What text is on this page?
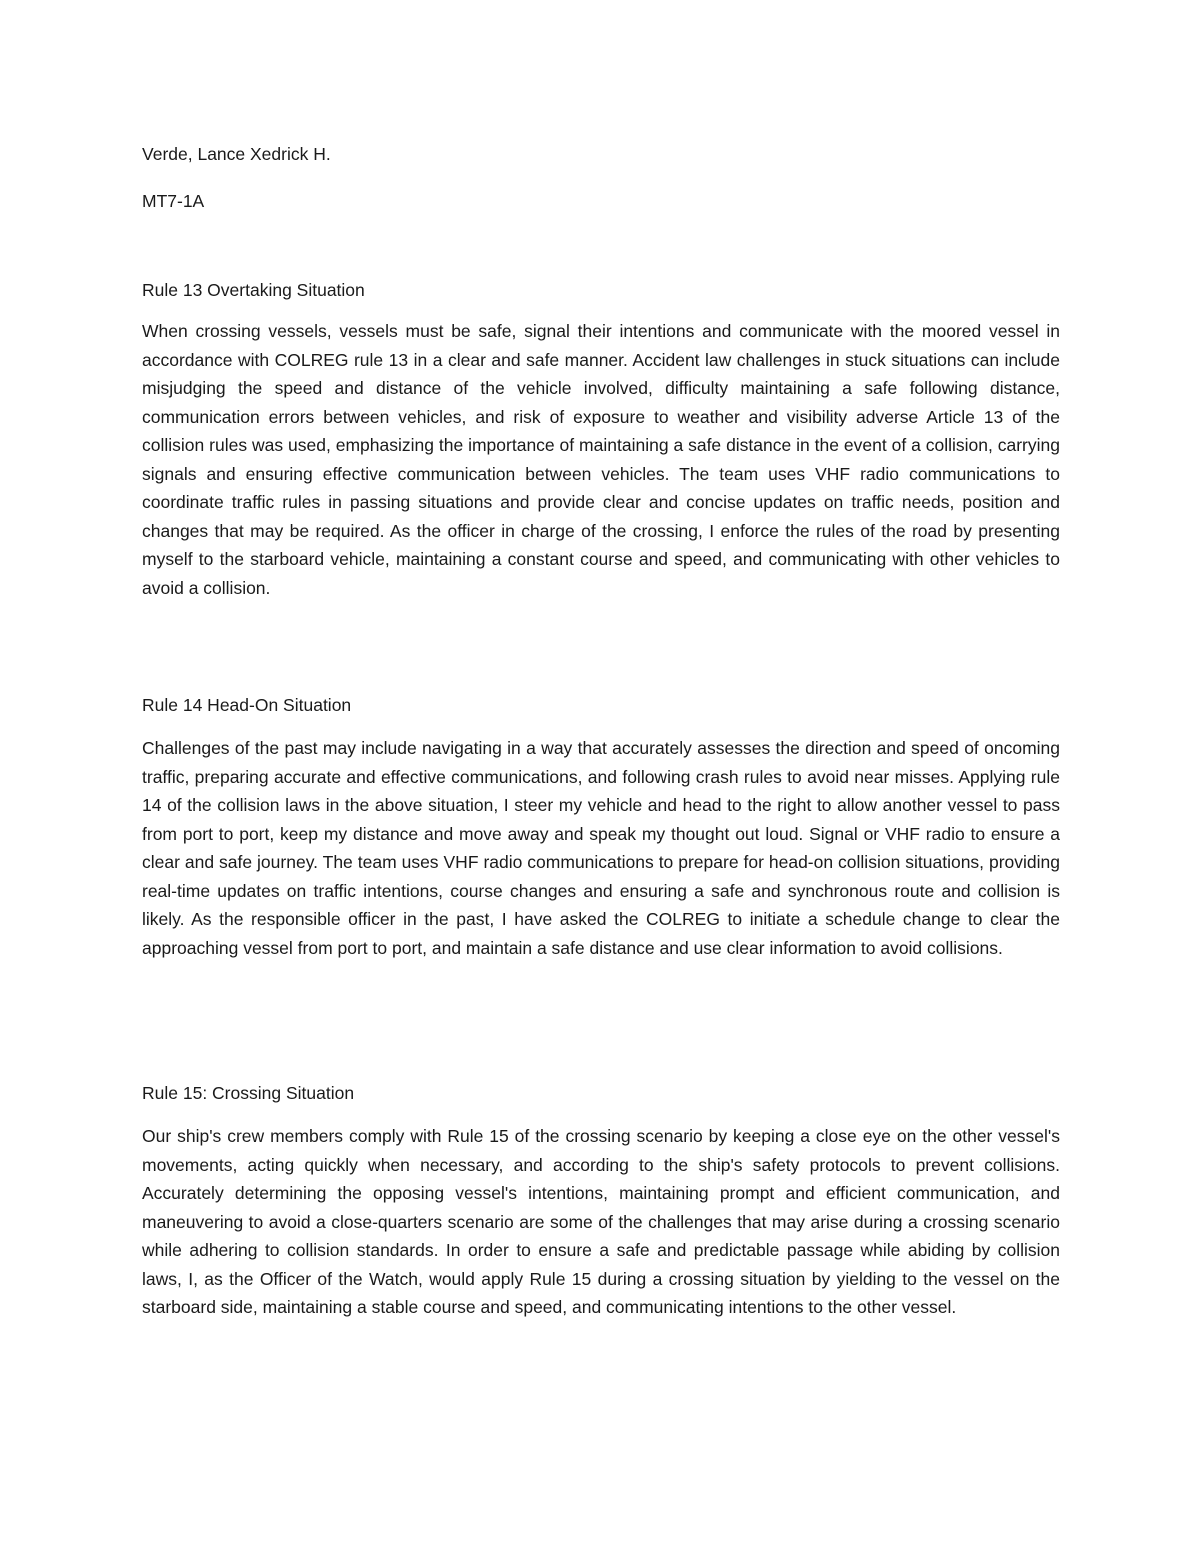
Verde, Lance Xedrick H.

MT7-1A

Rule 13 Overtaking Situation

When crossing vessels, vessels must be safe, signal their intentions and communicate with the moored vessel in accordance with COLREG rule 13 in a clear and safe manner. Accident law challenges in stuck situations can include misjudging the speed and distance of the vehicle involved, difficulty maintaining a safe following distance, communication errors between vehicles, and risk of exposure to weather and visibility adverse Article 13 of the collision rules was used, emphasizing the importance of maintaining a safe distance in the event of a collision, carrying signals and ensuring effective communication between vehicles. The team uses VHF radio communications to coordinate traffic rules in passing situations and provide clear and concise updates on traffic needs, position and changes that may be required. As the officer in charge of the crossing, I enforce the rules of the road by presenting myself to the starboard vehicle, maintaining a constant course and speed, and communicating with other vehicles to avoid a collision.

Rule 14 Head-On Situation

Challenges of the past may include navigating in a way that accurately assesses the direction and speed of oncoming traffic, preparing accurate and effective communications, and following crash rules to avoid near misses. Applying rule 14 of the collision laws in the above situation, I steer my vehicle and head to the right to allow another vessel to pass from port to port, keep my distance and move away and speak my thought out loud. Signal or VHF radio to ensure a clear and safe journey. The team uses VHF radio communications to prepare for head-on collision situations, providing real-time updates on traffic intentions, course changes and ensuring a safe and synchronous route and collision is likely. As the responsible officer in the past, I have asked the COLREG to initiate a schedule change to clear the approaching vessel from port to port, and maintain a safe distance and use clear information to avoid collisions.

Rule 15: Crossing Situation

Our ship's crew members comply with Rule 15 of the crossing scenario by keeping a close eye on the other vessel's movements, acting quickly when necessary, and according to the ship's safety protocols to prevent collisions. Accurately determining the opposing vessel's intentions, maintaining prompt and efficient communication, and maneuvering to avoid a close-quarters scenario are some of the challenges that may arise during a crossing scenario while adhering to collision standards. In order to ensure a safe and predictable passage while abiding by collision laws, I, as the Officer of the Watch, would apply Rule 15 during a crossing situation by yielding to the vessel on the starboard side, maintaining a stable course and speed, and communicating intentions to the other vessel.
